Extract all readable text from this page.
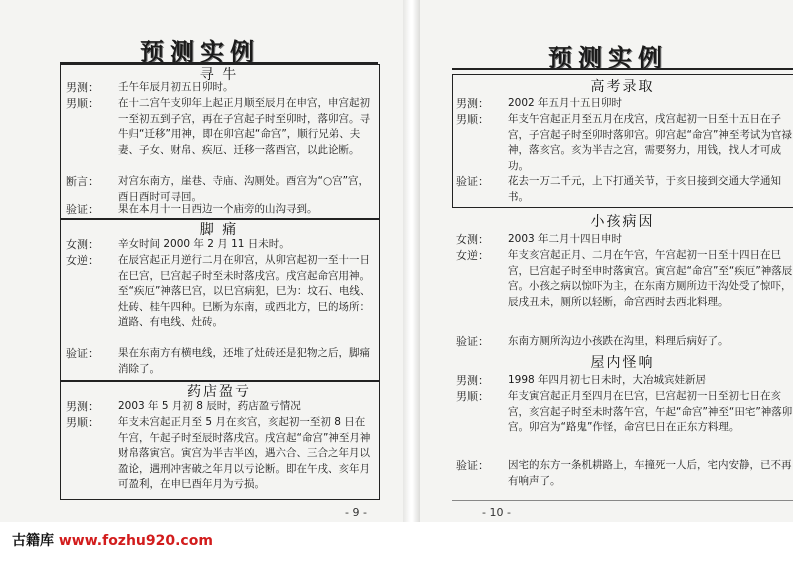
预测实例
寻 牛
男测：	壬午年辰月初五日卯时。
男顺：	在十二宫午支卯年上起正月顺至辰月在申宫，申宫起初一至初五到子宫，再在子宫起子时至卯时，落卯宫。寻牛归“迁移”用神，即在卯宫起“命宫”，顺行兄弟、夫妻、子女、财帛、疾厄、迁移一落酉宫，以此论断。
断言：	对宫东南方，崖巷、寺庙、沟厕处。酉宫为“○宫”宫，酉日酉时可寻回。
验证：	果在本月十一日西边一个庙旁的山沟寻到。
脚 痛
女测：	辛女时间 2000 年 2 月 11 日未时。
女逆：	在辰宫起正月逆行二月在卯宫，从卯宫起初一至十一日在巳宫，巳宫起子时至未时落戌宫。戌宫起命宫用神。至“疾厄”神落巳宫，以巳宫病犯，巳为：坟石、电线、灶砖、桂午四种。巳断为东南，或西北方，巳的场所：道路、有电线、灶砖。
验证：	果在东南方有横电线，还堆了灶砖还是犯物之后，脚痛消除了。
药店盈亏
男测：	2003 年 5 月初 8 辰时，药店盈亏情况
男顺：	年支未宫起正月至 5 月在亥宫，亥起初一至初 8 日在午宫，午起子时至辰时落戌宫。戌宫起“命宫”神至月神财帛落寅宫。寅宫为半吉半凶，遇六合、三合之年月以盈论，遇刑冲害破之年月以亏论断。即在午戌、亥年月可盈利，在申巳酉年月为亏损。
- 9 -
预测实例
高考录取
男测：	2002 年五月十五日卯时
男顺：	年支午宫起正月至五月在戌宫，戌宫起初一日至十五日在子宫，子宫起子时至卯时落卯宫。卯宫起“命宫”神至考试为官禄神，落亥宫。亥为半吉之宫，需要努力，用钱，找人才可成功。
验证：	花去一万二千元，上下打通关节，于亥日接到交通大学通知书。
小孩病因
女测：	2003 年二月十四日申时
女逆：	年支亥宫起正月、二月在午宫，午宫起初一日至十四日在巳宫，巳宫起子时至申时落寅宫。寅宫起“命宫”至“疾厄”神落辰宫。小孩之病以惊吓为主，在东南方厕所边干沟处受了惊吓，辰戌丑未，厕所以轻断，命宫西时去西北料理。
验证：	东南方厕所沟边小孩跌在沟里，料理后病好了。
屋内怪响
男测：	1998 年四月初七日未时，大冶城宾娃新居
男顺：	年支寅宫起正月至四月在巳宫，巳宫起初一日至初七日在亥宫，亥宫起子时至未时落午宫，午起“命宫”神至“田宅”神落卯宫。卯宫为“路鬼”作怪，命宫巳日在正东方料理。
验证：	因宅的东方一条机耕路上，车撞死一人后，宅内安静，已不再有响声了。
- 10 -
古籍库 www.fozhu920.com
